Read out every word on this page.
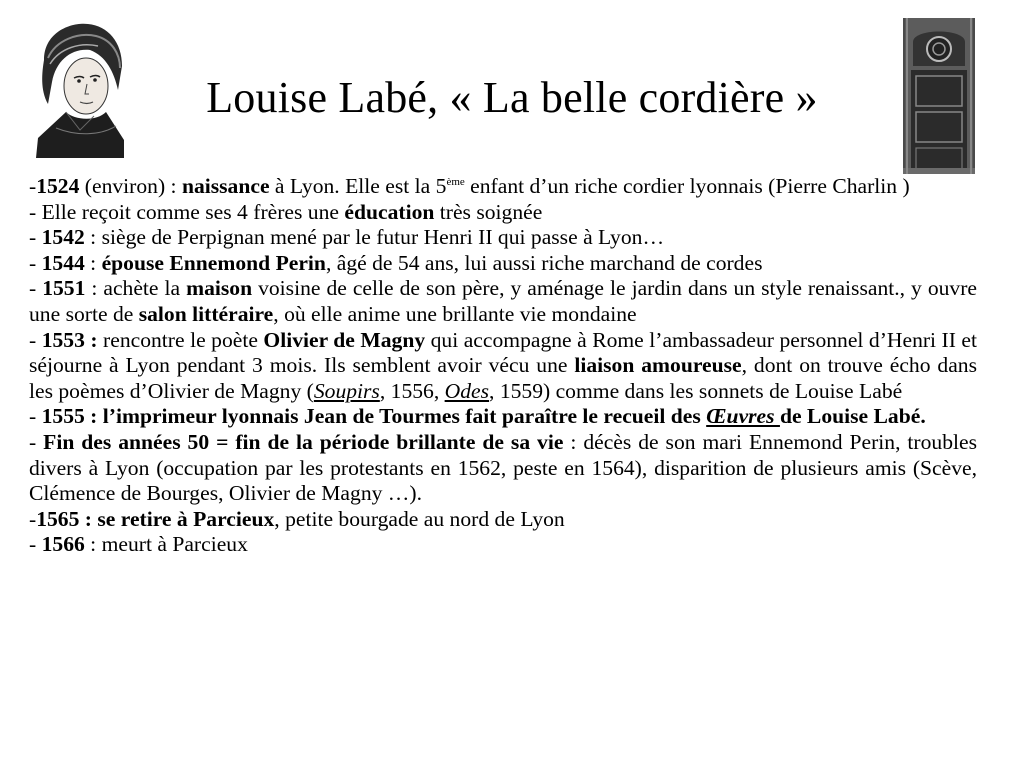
Louise Labé, « La belle cordière »

-1524 (environ) : naissance à Lyon. Elle est la 5ème enfant d’un riche cordier lyonnais (Pierre Charlin )

- Elle reçoit comme ses 4 frères une éducation très soignée

- 1542 : siège de Perpignan mené par le futur Henri II qui passe à Lyon…

- 1544 : épouse Ennemond Perin, âgé de 54 ans, lui aussi riche marchand de cordes

- 1551 : achète la maison voisine de celle de son père, y aménage le jardin dans un style renaissant., y ouvre une sorte de salon littéraire, où elle anime une brillante vie mondaine

- 1553 : rencontre le poète Olivier de Magny qui accompagne à Rome l’ambassadeur personnel d’Henri II et séjourne à Lyon pendant 3 mois. Ils semblent avoir vécu une liaison amoureuse, dont on trouve écho dans les poèmes d’Olivier de Magny (Soupirs, 1556, Odes, 1559) comme dans les sonnets de Louise Labé

- 1555 : l’imprimeur lyonnais Jean de Tourmes fait paraître le recueil des Œuvres de Louise Labé.

- Fin des années 50 = fin de la période brillante de sa vie : décès de son mari Ennemond Perin, troubles divers à Lyon (occupation par les protestants en 1562, peste en 1564), disparition de plusieurs amis (Scève, Clémence de Bourges, Olivier de Magny …).

-1565 : se retire à Parcieux, petite bourgade au nord de Lyon

- 1566 : meurt à Parcieux
